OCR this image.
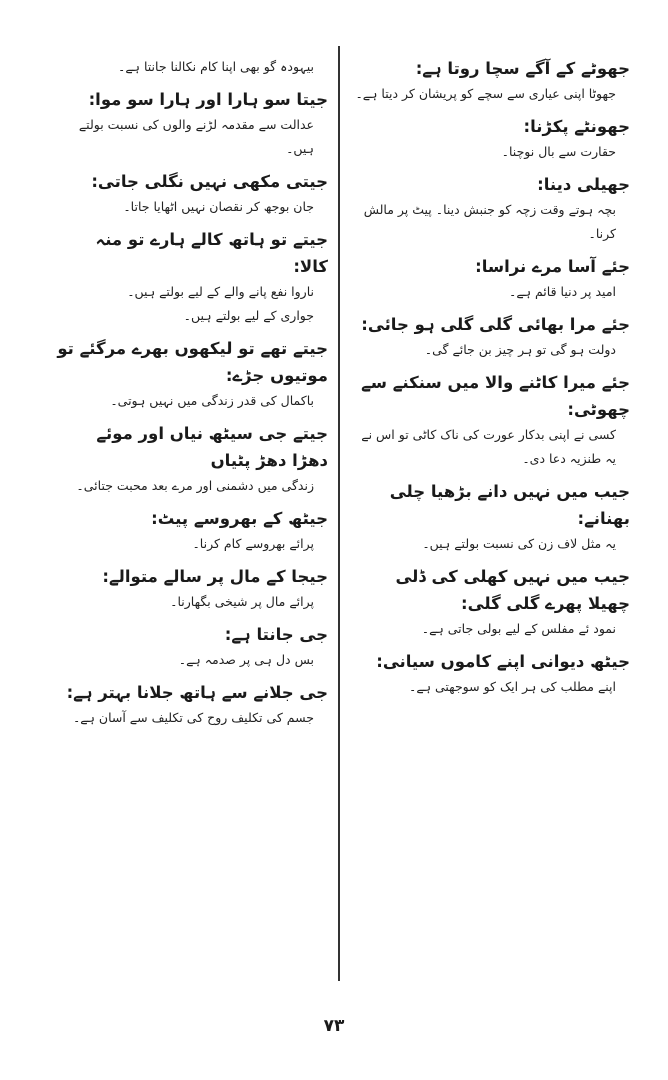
جھوٹے کے آگے سچا روتا ہے:

جھوٹا اپنی عیاری سے سچے کو پریشان کر دیتا ہے۔

جھونٹے پکڑنا:

حقارت سے بال نوچنا۔

جھیلی دینا:

بچہ ہوتے وقت زچہ کو جنبش دینا۔ پیٹ پر مالش کرنا۔

جئے آسا مرے نراسا:

امید پر دنیا قائم ہے۔

جئے مرا بھائی گلی گلی ہو جائی:

دولت ہو گی تو ہر چیز بن جائے گی۔

جئے میرا کاٹنے والا میں سنکنے سے چھوٹی:

کسی نے اپنی بدکار عورت کی ناک کاٹی تو اس نے یہ طنزیہ دعا دی۔

جیب میں نہیں دانے بڑھیا چلی بھنانے:

یہ مثل لاف زن کی نسبت بولتے ہیں۔

جیب میں نہیں کھلی کی ڈلی چھیلا پھرے گلی گلی:

نمود ئے مفلس کے لیے بولی جاتی ہے۔

جیٹھ دیوانی اپنے کاموں سیانی:

اپنے مطلب کی ہر ایک کو سوجھتی ہے۔

بیہودہ گو بھی اپنا کام نکالنا جانتا ہے۔

جیتا سو ہارا اور ہارا سو موا:

عدالت سے مقدمہ لڑنے والوں کی نسبت بولتے ہیں۔

جیتی مکھی نہیں نگلی جاتی:

جان بوجھ کر نقصان نہیں اٹھایا جاتا۔

جیتے تو ہاتھ کالے ہارے تو منہ کالا:

ناروا نفع پانے والے کے لیے بولتے ہیں۔

جواری کے لیے بولتے ہیں۔

جیتے تھے تو لیکھوں بھرے مرگئے تو موتیوں جڑے:

باکمال کی قدر زندگی میں نہیں ہوتی۔

جیتے جی سیٹھ نیاں اور موئے دھڑا دھڑ پٹیاں

زندگی میں دشمنی اور مرے بعد محبت جتائی۔

جیٹھ کے بھروسے پیٹ:

پرائے بھروسے کام کرنا۔

جیجا کے مال پر سالے متوالے:

پرائے مال پر شیخی بگھارنا۔

جی جانتا ہے:

بس دل ہی پر صدمہ ہے۔

جی جلانے سے ہاتھ جلانا بہتر ہے:

جسم کی تکلیف روح کی تکلیف سے آسان ہے۔

۷۳
